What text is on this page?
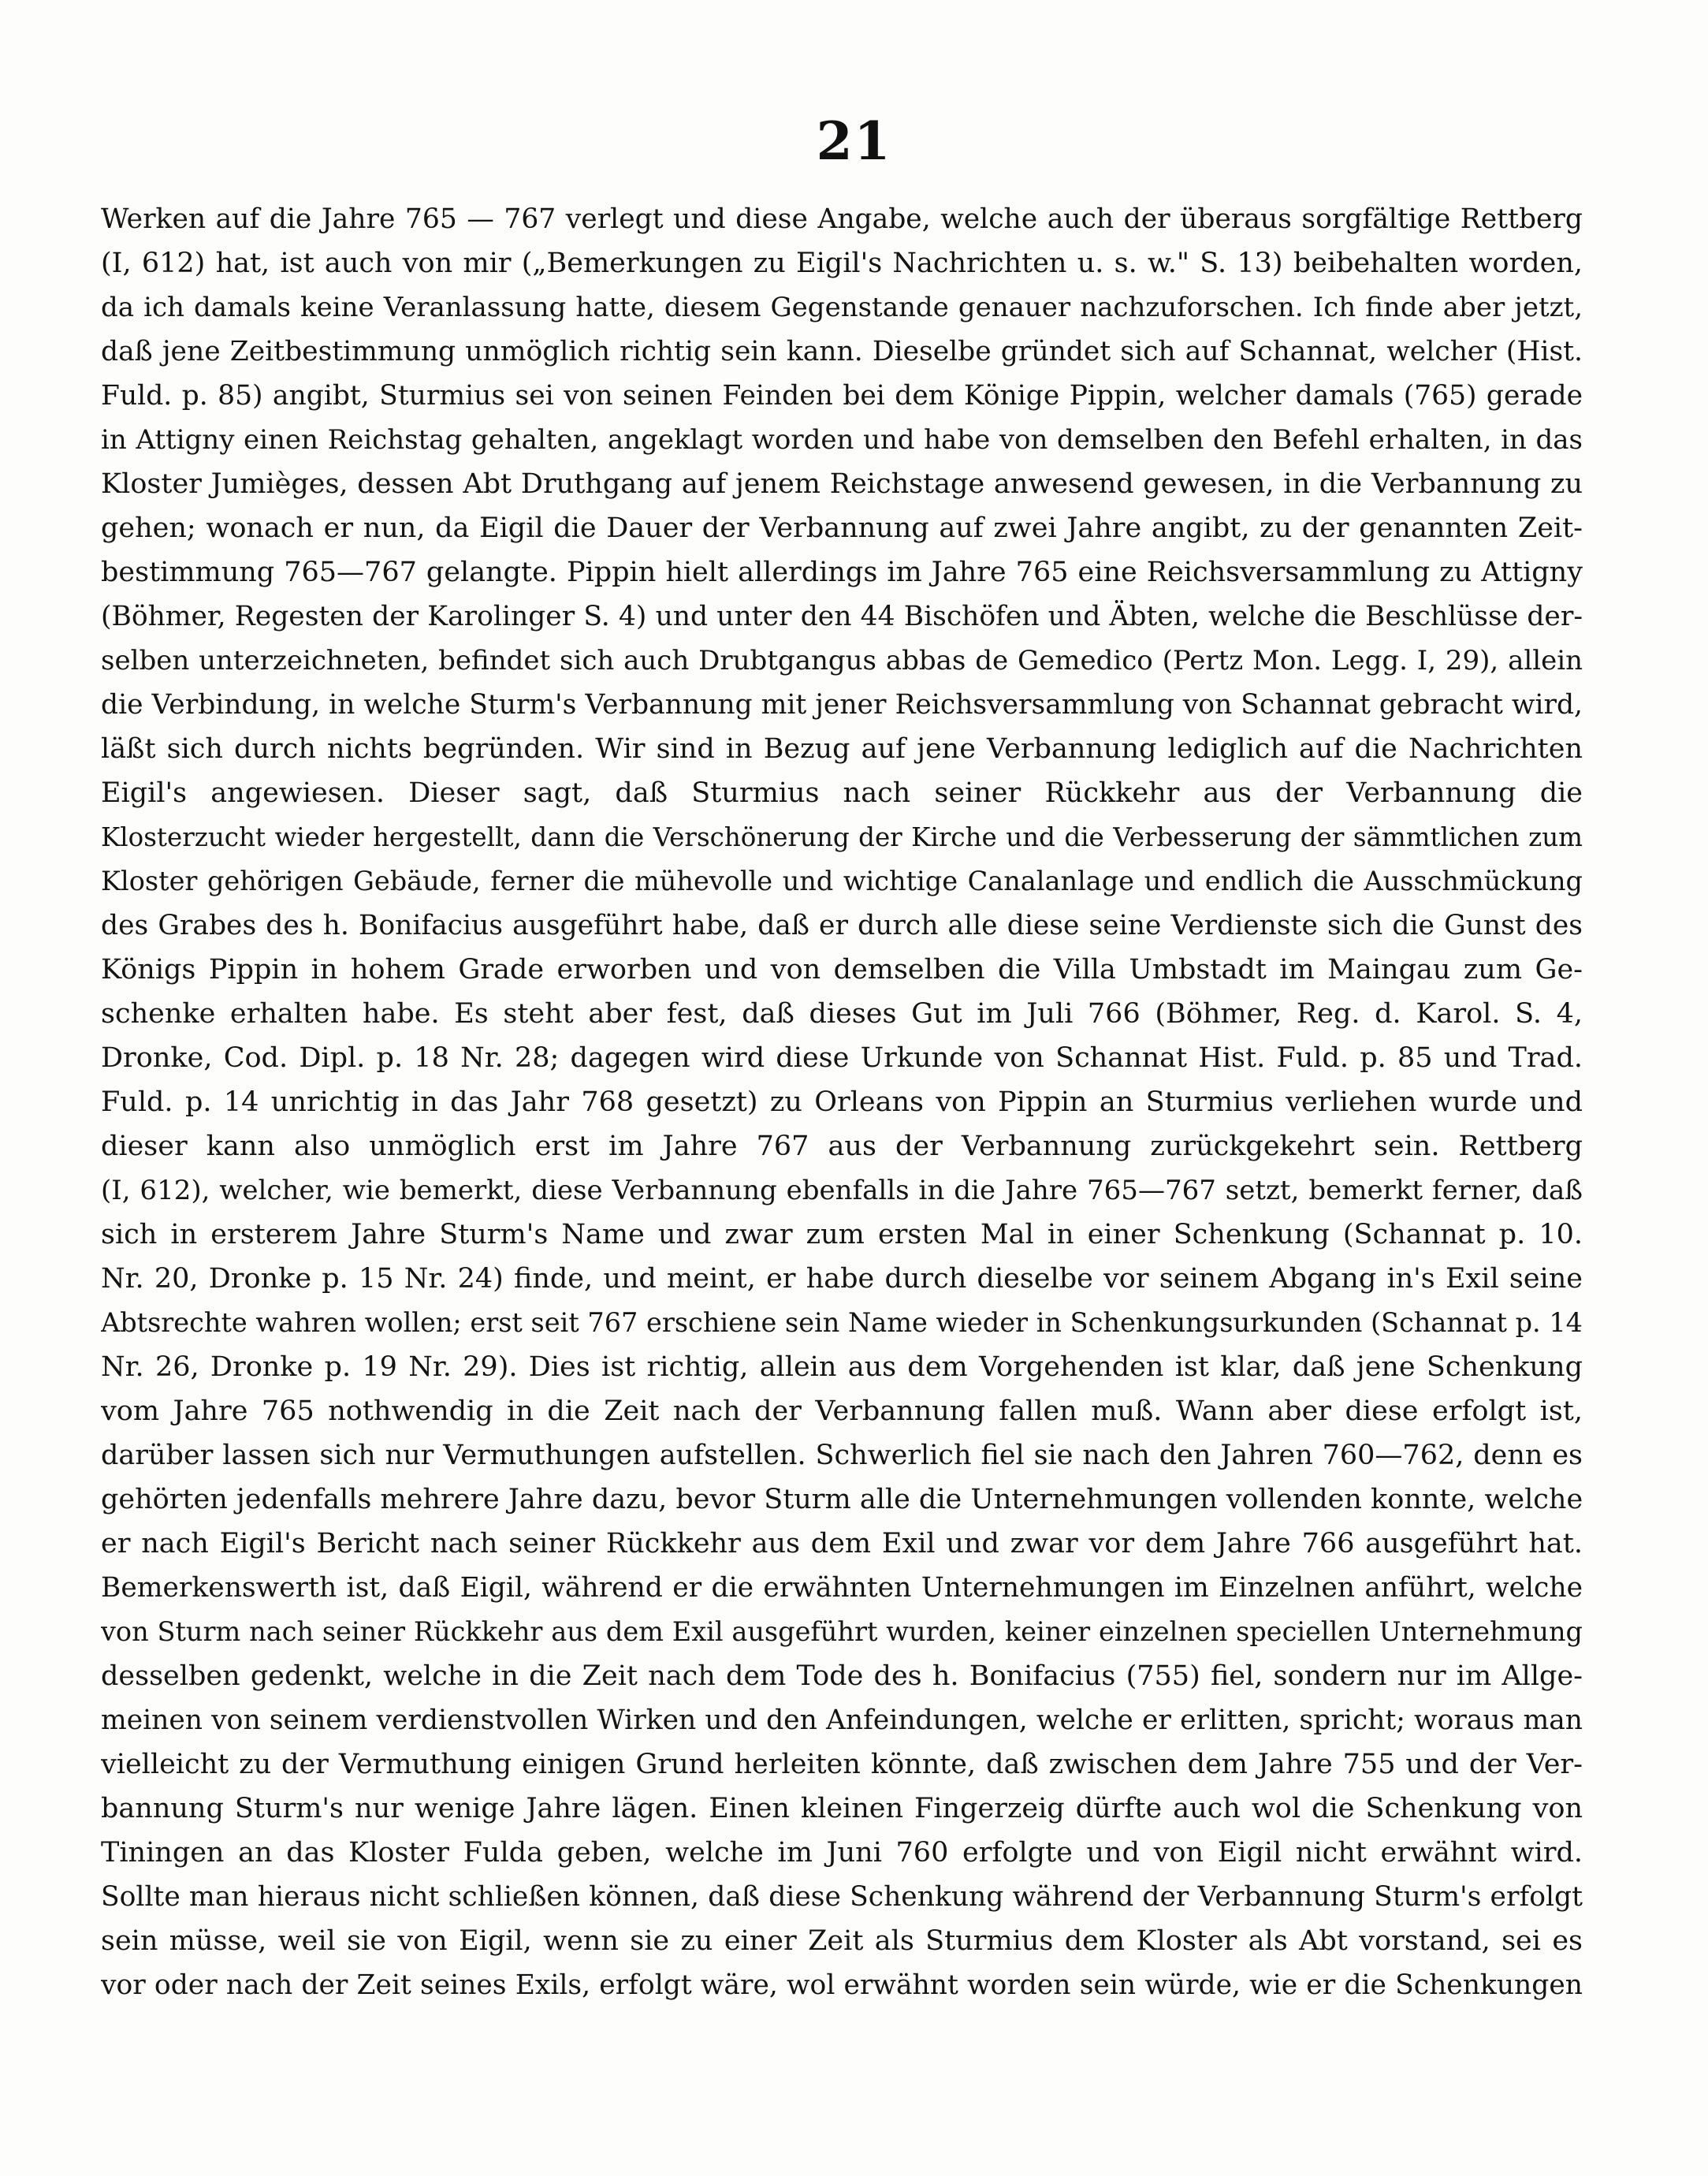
21
Werken auf die Jahre 765 — 767 verlegt und diese Angabe, welche auch der überaus sorgfältige Rettberg
(I, 612) hat, ist auch von mir („Bemerkungen zu Eigil's Nachrichten u. s. w." S. 13) beibehalten worden,
da ich damals keine Veranlassung hatte, diesem Gegenstande genauer nachzuforschen. Ich finde aber jetzt,
daß jene Zeitbestimmung unmöglich richtig sein kann. Dieselbe gründet sich auf Schannat, welcher (Hist.
Fuld. p. 85) angibt, Sturmius sei von seinen Feinden bei dem Könige Pippin, welcher damals (765) gerade
in Attigny einen Reichstag gehalten, angeklagt worden und habe von demselben den Befehl erhalten, in das
Kloster Jumièges, dessen Abt Druthgang auf jenem Reichstage anwesend gewesen, in die Verbannung zu
gehen; wonach er nun, da Eigil die Dauer der Verbannung auf zwei Jahre angibt, zu der genannten Zeit-
bestimmung 765—767 gelangte. Pippin hielt allerdings im Jahre 765 eine Reichsversammlung zu Attigny
(Böhmer, Regesten der Karolinger S. 4) und unter den 44 Bischöfen und Äbten, welche die Beschlüsse der-
selben unterzeichneten, befindet sich auch Drubtgangus abbas de Gemedico (Pertz Mon. Legg. I, 29), allein
die Verbindung, in welche Sturm's Verbannung mit jener Reichsversammlung von Schannat gebracht wird,
läßt sich durch nichts begründen. Wir sind in Bezug auf jene Verbannung lediglich auf die Nachrichten
Eigil's angewiesen. Dieser sagt, daß Sturmius nach seiner Rückkehr aus der Verbannung die
Klosterzucht wieder hergestellt, dann die Verschönerung der Kirche und die Verbesserung der sämmtlichen zum
Kloster gehörigen Gebäude, ferner die mühevolle und wichtige Canalanlage und endlich die Ausschmückung
des Grabes des h. Bonifacius ausgeführt habe, daß er durch alle diese seine Verdienste sich die Gunst des
Königs Pippin in hohem Grade erworben und von demselben die Villa Umbstadt im Maingau zum Ge-
schenke erhalten habe. Es steht aber fest, daß dieses Gut im Juli 766 (Böhmer, Reg. d. Karol. S. 4,
Dronke, Cod. Dipl. p. 18 Nr. 28; dagegen wird diese Urkunde von Schannat Hist. Fuld. p. 85 und Trad.
Fuld. p. 14 unrichtig in das Jahr 768 gesetzt) zu Orleans von Pippin an Sturmius verliehen wurde und
dieser kann also unmöglich erst im Jahre 767 aus der Verbannung zurückgekehrt sein. Rettberg
(I, 612), welcher, wie bemerkt, diese Verbannung ebenfalls in die Jahre 765—767 setzt, bemerkt ferner, daß
sich in ersterem Jahre Sturm's Name und zwar zum ersten Mal in einer Schenkung (Schannat p. 10.
Nr. 20, Dronke p. 15 Nr. 24) finde, und meint, er habe durch dieselbe vor seinem Abgang in's Exil seine
Abtsrechte wahren wollen; erst seit 767 erschiene sein Name wieder in Schenkungsurkunden (Schannat p. 14
Nr. 26, Dronke p. 19 Nr. 29). Dies ist richtig, allein aus dem Vorgehenden ist klar, daß jene Schenkung
vom Jahre 765 nothwendig in die Zeit nach der Verbannung fallen muß. Wann aber diese erfolgt ist,
darüber lassen sich nur Vermuthungen aufstellen. Schwerlich fiel sie nach den Jahren 760—762, denn es
gehörten jedenfalls mehrere Jahre dazu, bevor Sturm alle die Unternehmungen vollenden konnte, welche
er nach Eigil's Bericht nach seiner Rückkehr aus dem Exil und zwar vor dem Jahre 766 ausgeführt hat.
Bemerkenswerth ist, daß Eigil, während er die erwähnten Unternehmungen im Einzelnen anführt, welche
von Sturm nach seiner Rückkehr aus dem Exil ausgeführt wurden, keiner einzelnen speciellen Unternehmung
desselben gedenkt, welche in die Zeit nach dem Tode des h. Bonifacius (755) fiel, sondern nur im Allge-
meinen von seinem verdienstvollen Wirken und den Anfeindungen, welche er erlitten, spricht; woraus man
vielleicht zu der Vermuthung einigen Grund herleiten könnte, daß zwischen dem Jahre 755 und der Ver-
bannung Sturm's nur wenige Jahre lägen. Einen kleinen Fingerzeig dürfte auch wol die Schenkung von
Tiningen an das Kloster Fulda geben, welche im Juni 760 erfolgte und von Eigil nicht erwähnt wird.
Sollte man hieraus nicht schließen können, daß diese Schenkung während der Verbannung Sturm's erfolgt
sein müsse, weil sie von Eigil, wenn sie zu einer Zeit als Sturmius dem Kloster als Abt vorstand, sei es
vor oder nach der Zeit seines Exils, erfolgt wäre, wol erwähnt worden sein würde, wie er die Schenkungen
